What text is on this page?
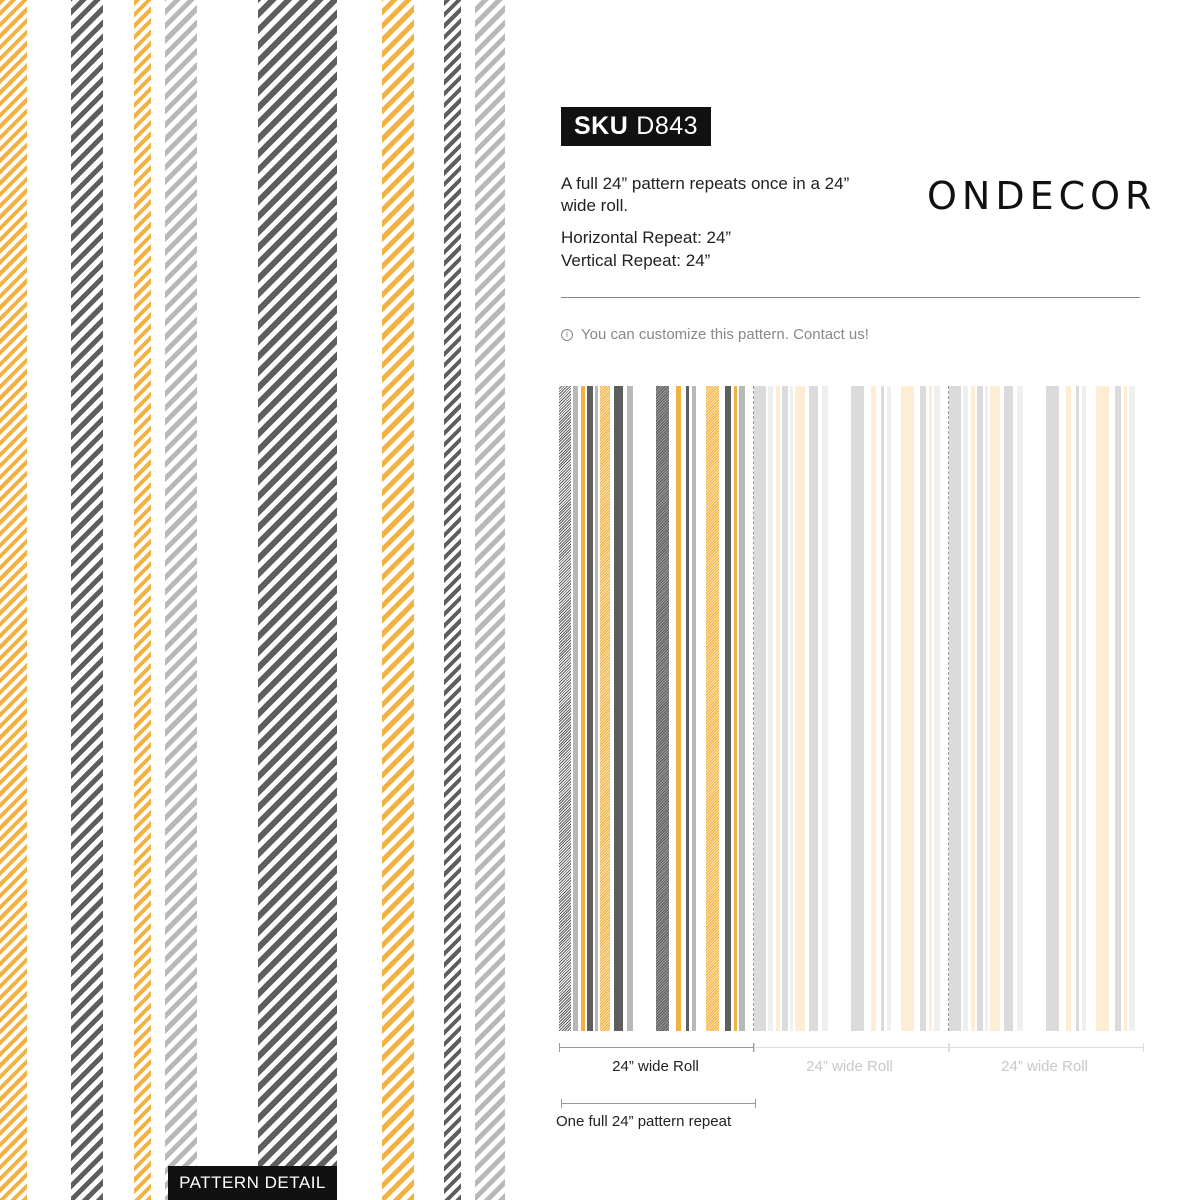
PATTERN DETAIL
SKU D843
A full 24” pattern repeats once in a 24” wide roll.
Horizontal Repeat: 24”
Vertical Repeat: 24”
ONDECOR
i You can customize this pattern. Contact us!
24” wide Roll	24” wide Roll	24” wide Roll
One full 24” pattern repeat
